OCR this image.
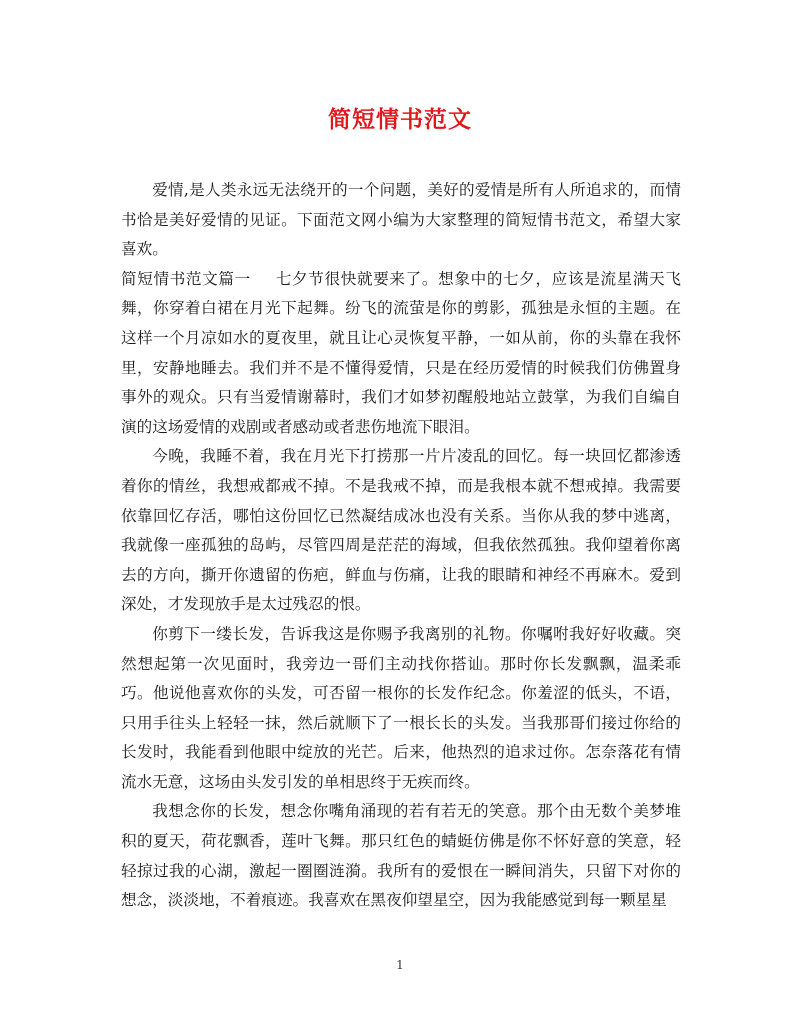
简短情书范文

爱情,是人类永远无法绕开的一个问题，美好的爱情是所有人所追求的，而情书恰是美好爱情的见证。下面范文网小编为大家整理的简短情书范文，希望大家喜欢。

简短情书范文篇一 七夕节很快就要来了。想象中的七夕，应该是流星满天飞舞，你穿着白裙在月光下起舞。纷飞的流萤是你的剪影，孤独是永恒的主题。在这样一个月凉如水的夏夜里，就且让心灵恢复平静，一如从前，你的头靠在我怀里，安静地睡去。我们并不是不懂得爱情，只是在经历爱情的时候我们仿佛置身事外的观众。只有当爱情谢幕时，我们才如梦初醒般地站立鼓掌，为我们自编自演的这场爱情的戏剧或者感动或者悲伤地流下眼泪。

今晚，我睡不着，我在月光下打捞那一片片凌乱的回忆。每一块回忆都渗透着你的情丝，我想戒都戒不掉。不是我戒不掉，而是我根本就不想戒掉。我需要依靠回忆存活，哪怕这份回忆已然凝结成冰也没有关系。当你从我的梦中逃离，我就像一座孤独的岛屿，尽管四周是茫茫的海域，但我依然孤独。我仰望着你离去的方向，撕开你遗留的伤疤，鲜血与伤痛，让我的眼睛和神经不再麻木。爱到深处，才发现放手是太过残忍的恨。

你剪下一缕长发，告诉我这是你赐予我离别的礼物。你嘱咐我好好收藏。突然想起第一次见面时，我旁边一哥们主动找你搭讪。那时你长发飘飘，温柔乖巧。他说他喜欢你的头发，可否留一根你的长发作纪念。你羞涩的低头，不语，只用手往头上轻轻一抹，然后就顺下了一根长长的头发。当我那哥们接过你给的长发时，我能看到他眼中绽放的光芒。后来，他热烈的追求过你。怎奈落花有情流水无意，这场由头发引发的单相思终于无疾而终。

我想念你的长发，想念你嘴角涌现的若有若无的笑意。那个由无数个美梦堆积的夏天，荷花飘香，莲叶飞舞。那只红色的蜻蜓仿佛是你不怀好意的笑意，轻轻掠过我的心湖，激起一圈圈涟漪。我所有的爱恨在一瞬间消失，只留下对你的想念，淡淡地，不着痕迹。我喜欢在黑夜仰望星空，因为我能感觉到每一颗星星

1
